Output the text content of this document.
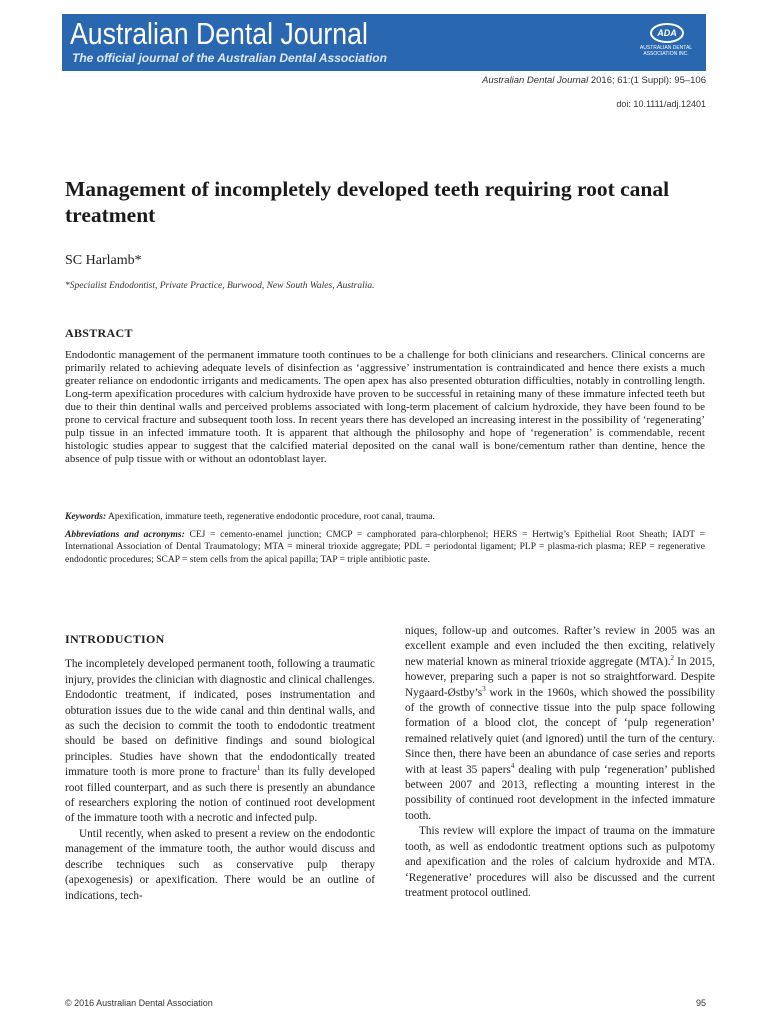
Australian Dental Journal
The official journal of the Australian Dental Association
ADA
AUSTRALIAN DENTAL ASSOCIATION INC.
Australian Dental Journal 2016; 61:(1 Suppl): 95–106
doi: 10.1111/adj.12401
Management of incompletely developed teeth requiring root canal treatment
SC Harlamb*
*Specialist Endodontist, Private Practice, Burwood, New South Wales, Australia.
ABSTRACT
Endodontic management of the permanent immature tooth continues to be a challenge for both clinicians and researchers. Clinical concerns are primarily related to achieving adequate levels of disinfection as ‘aggressive’ instrumentation is contraindicated and hence there exists a much greater reliance on endodontic irrigants and medicaments. The open apex has also presented obturation difficulties, notably in controlling length. Long-term apexification procedures with calcium hydroxide have proven to be successful in retaining many of these immature infected teeth but due to their thin dentinal walls and perceived problems associated with long-term placement of calcium hydroxide, they have been found to be prone to cervical fracture and subsequent tooth loss. In recent years there has developed an increasing interest in the possibility of ‘regenerating’ pulp tissue in an infected immature tooth. It is apparent that although the philosophy and hope of ‘regeneration’ is commendable, recent histologic studies appear to suggest that the calcified material deposited on the canal wall is bone/cementum rather than dentine, hence the absence of pulp tissue with or without an odontoblast layer.
Keywords: Apexification, immature teeth, regenerative endodontic procedure, root canal, trauma.
Abbreviations and acronyms: CEJ = cemento-enamel junction; CMCP = camphorated para-chlorphenol; HERS = Hertwig’s Epithelial Root Sheath; IADT = International Association of Dental Traumatology; MTA = mineral trioxide aggregate; PDL = periodontal ligament; PLP = plasma-rich plasma; REP = regenerative endodontic procedures; SCAP = stem cells from the apical papilla; TAP = triple antibiotic paste.
INTRODUCTION

The incompletely developed permanent tooth, following a traumatic injury, provides the clinician with diagnostic and clinical challenges. Endodontic treatment, if indicated, poses instrumentation and obturation issues due to the wide canal and thin dentinal walls, and as such the decision to commit the tooth to endodontic treatment should be based on definitive findings and sound biological principles. Studies have shown that the endodontically treated immature tooth is more prone to fracture$^1$ than its fully developed root filled counterpart, and as such there is presently an abundance of researchers exploring the notion of continued root development of the immature tooth with a necrotic and infected pulp.

Until recently, when asked to present a review on the endodontic management of the immature tooth, the author would discuss and describe techniques such as conservative pulp therapy (apexogenesis) or apexification. There would be an outline of indications, tech-

niques, follow-up and outcomes. Rafter’s review in 2005 was an excellent example and even included the then exciting, relatively new material known as mineral trioxide aggregate (MTA).$^2$ In 2015, however, preparing such a paper is not so straightforward. Despite Nygaard-$Østby’s^3$ work in the 1960s, which showed the possibility of the growth of connective tissue into the pulp space following formation of a blood clot, the concept of ‘pulp regeneration’ remained relatively quiet (and ignored) until the turn of the century. Since then, there have been an abundance of case series and reports with at least 35 papers$^4$ dealing with pulp ‘regeneration’ published between 2007 and 2013, reflecting a mounting interest in the possibility of continued root development in the infected immature tooth.

This review will explore the impact of trauma on the immature tooth, as well as endodontic treatment options such as pulpotomy and apexification and the roles of calcium hydroxide and MTA. ‘Regenerative’ procedures will also be discussed and the current treatment protocol outlined.

© 2016 Australian Dental Association	95
